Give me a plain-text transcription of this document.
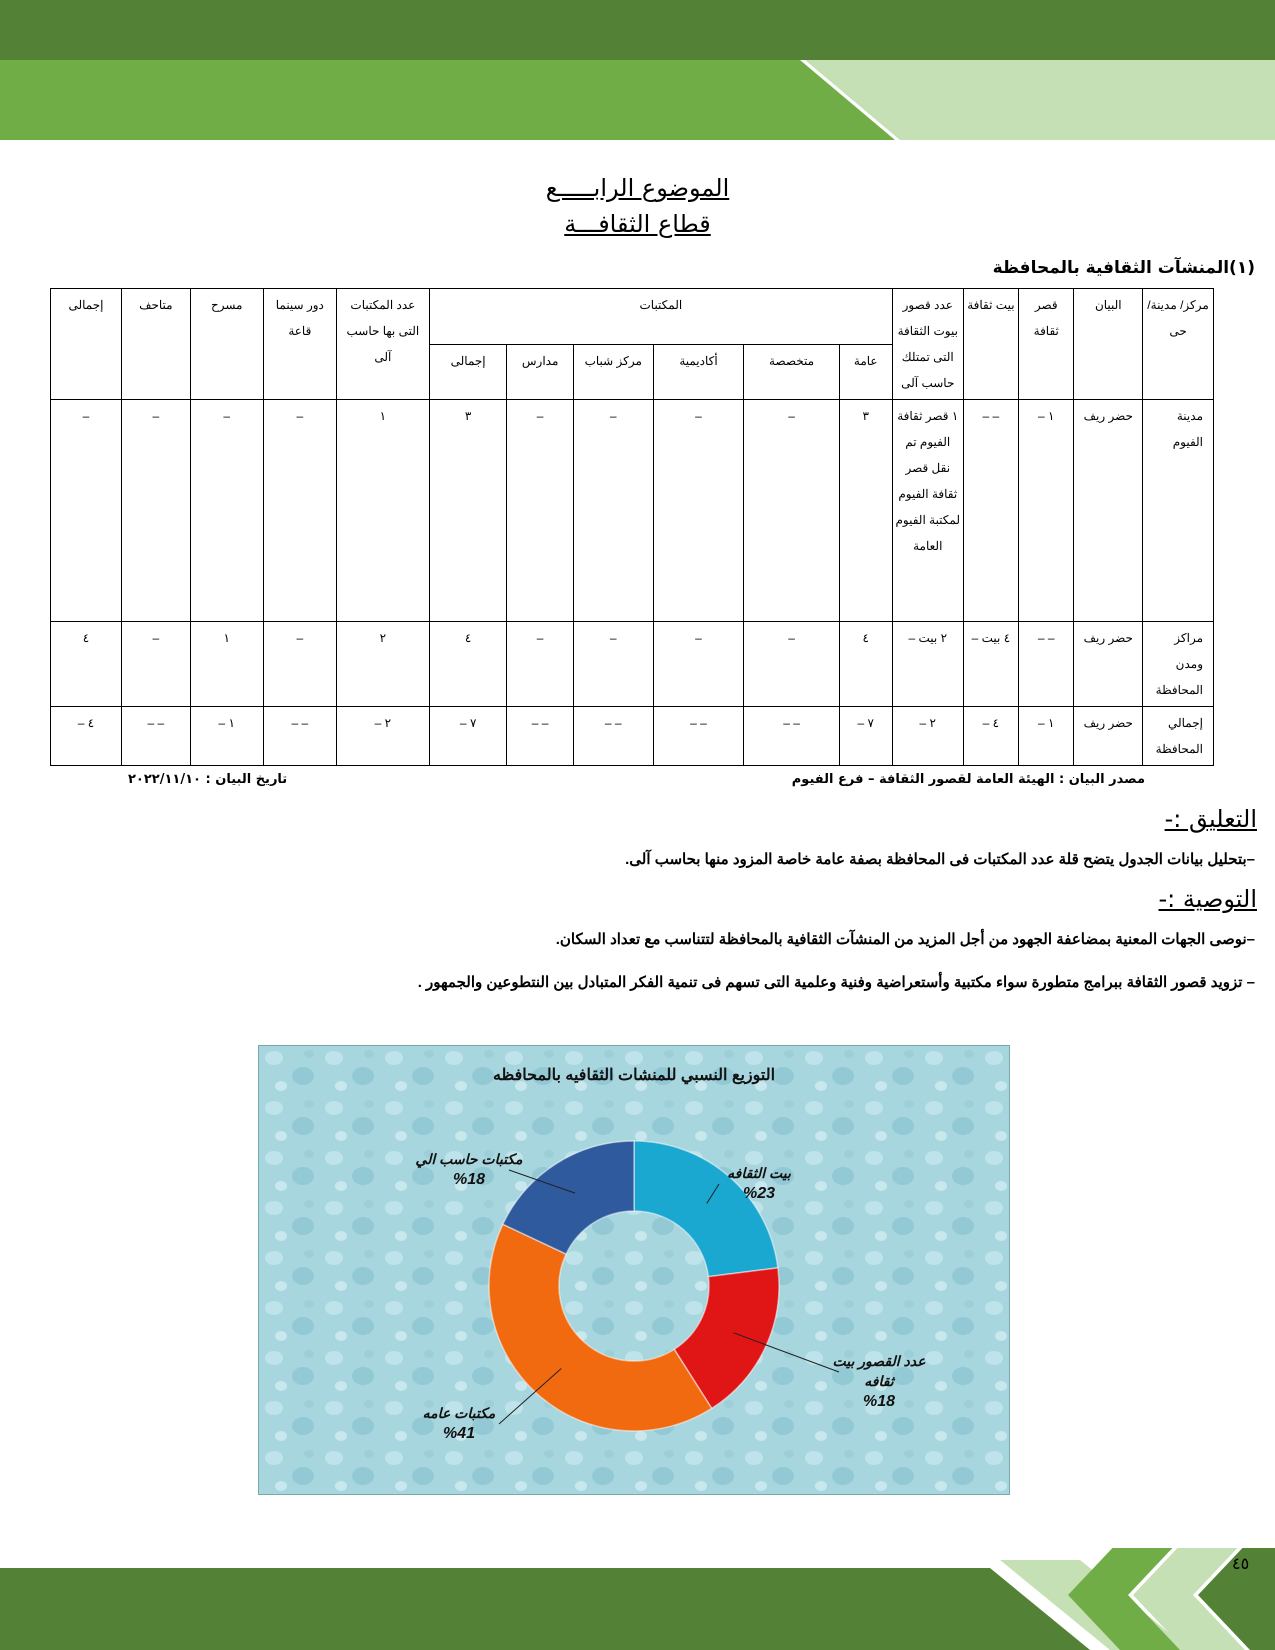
الموضوع الرابـــــع
قطاع الثقافـــة
(١)المنشآت الثقافية بالمحافظة
مركز/ مدينة/حى	البيان	قصر ثقافة	بيت ثقافة	عدد قصور بيوت الثقافة التى تمتلك حاسب آلى	المكتبات						عدد المكتبات التى بها حاسب آلى	دور سينما قاعة	مسرح	متاحف	إجمالى
					عامة	متخصصة	أكاديمية	مركز شباب	مدارس	إجمالى					
مدينة الفيوم	حضر ريف	١ –	– –	١ قصر ثقافة الفيوم تم نقل قصر ثقافة الفيوم لمكتبة الفيوم العامة	٣	–	–	–	–	٣	١	–	–	–	–
مراكز ومدن المحافظة	حضر ريف	– –	٤ بيت –	٢ بيت –	٤	–	–	–	–	٤	٢	–	١	–	٤
إجمالي المحافظة	حضر ريف	١ –	٤ –	٢ –	٧ –	– –	– –	– –	– –	٧ –	٢ –	– –	١ –	– –	٤ –
مصدر البيان : الهيئة العامة لقصور الثقافة – فرع الفيوم
تاريخ البيان : ٢٠٢٢/١١/١٠
التعليق :-
–بتحليل بيانات الجدول يتضح قلة عدد المكتبات فى المحافظة بصفة عامة خاصة المزود منها بحاسب آلى.
التوصية :-
–نوصى الجهات المعنية بمضاعفة الجهود من أجل المزيد من المنشآت الثقافية بالمحافظة لتتناسب مع تعداد السكان.
– تزويد قصور الثقافة ببرامج متطورة سواء مكتبية وأستعراضية وفنية وعلمية التى تسهم فى تنمية الفكر المتبادل بين النتطوعين والجمهور .
التوزيع النسبي للمنشات الثقافيه بالمحافظه
بيت الثقافه
%23
عدد القصور بيت
ثقافه
%18
مكتبات عامه
%41
مكتبات حاسب الي
%18
٤٥
